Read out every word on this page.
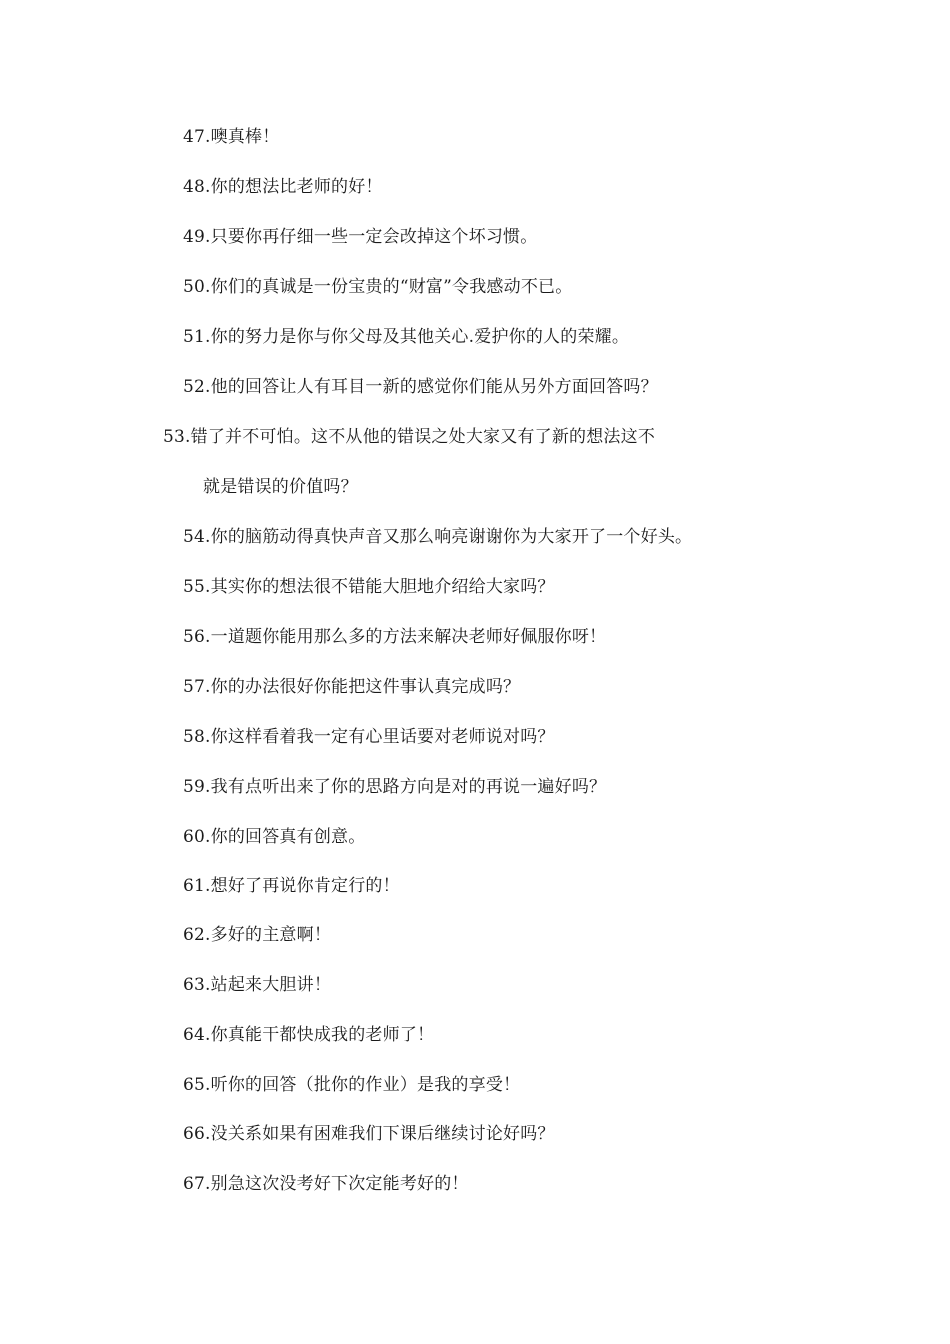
47.噢真棒！
48.你的想法比老师的好！
49.只要你再仔细一些一定会改掉这个坏习惯。
50.你们的真诚是一份宝贵的“财富”令我感动不已。
51.你的努力是你与你父母及其他关心.爱护你的人的荣耀。
52.他的回答让人有耳目一新的感觉你们能从另外方面回答吗？
53.错了并不可怕。这不从他的错误之处大家又有了新的想法这不
就是错误的价值吗？
54.你的脑筋动得真快声音又那么响亮谢谢你为大家开了一个好头。
55.其实你的想法很不错能大胆地介绍给大家吗？
56.一道题你能用那么多的方法来解决老师好佩服你呀！
57.你的办法很好你能把这件事认真完成吗？
58.你这样看着我一定有心里话要对老师说对吗？
59.我有点听出来了你的思路方向是对的再说一遍好吗？
60.你的回答真有创意。
61.想好了再说你肯定行的！
62.多好的主意啊！
63.站起来大胆讲！
64.你真能干都快成我的老师了！
65.听你的回答（批你的作业）是我的享受！
66.没关系如果有困难我们下课后继续讨论好吗？
67.别急这次没考好下次定能考好的！
